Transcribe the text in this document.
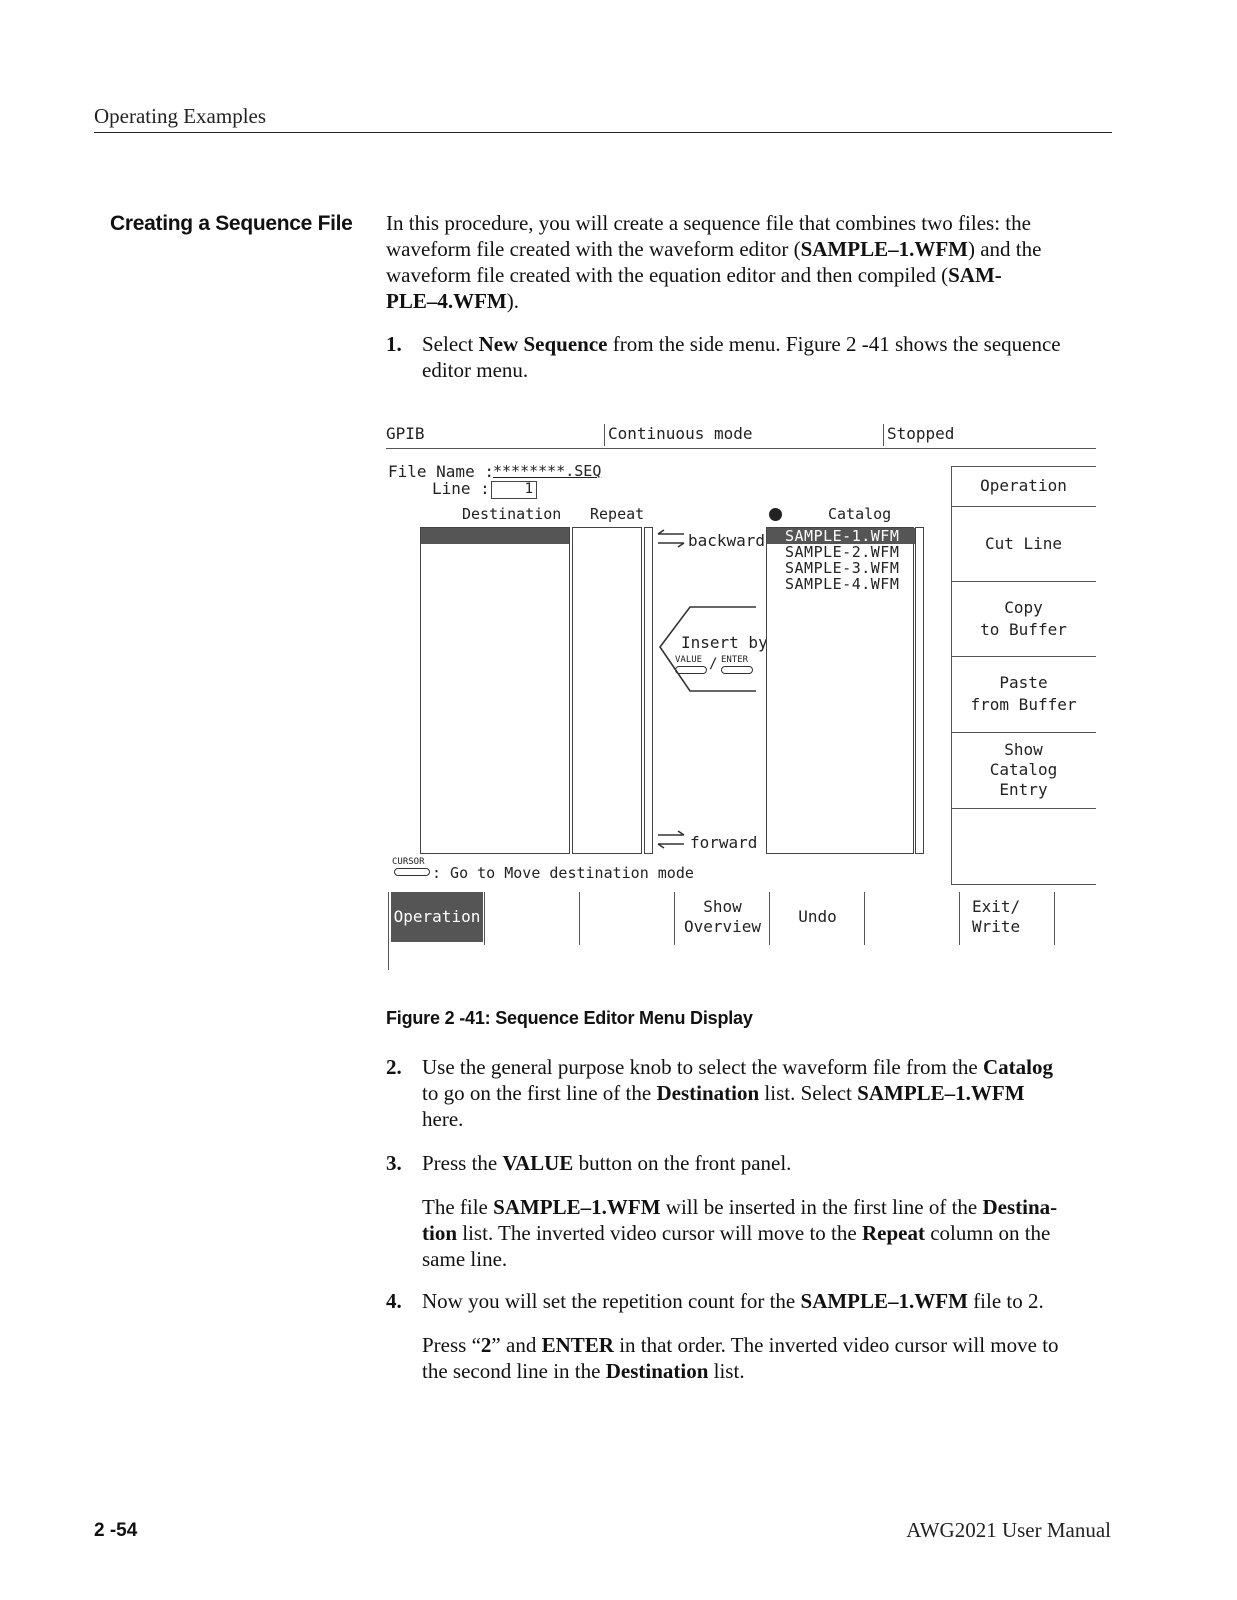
Operating Examples
Creating a Sequence File In this procedure, you will create a sequence file that combines two files: the
waveform file created with the waveform editor (SAMPLE–1.WFM) and the
waveform file created with the equation editor and then compiled (SAM-
PLE–4.WFM).
1. Select New Sequence from the side menu. Figure 2 -41 shows the sequence
editor menu.
GPIB	Continuous mode	Stopped
File Name : ********.SEQ
Line :	1
Destination Repeat	Catalog
backward
Insert by
VALUE / ENTER
forward
SAMPLE-1.WFM
SAMPLE-2.WFM
SAMPLE-3.WFM
SAMPLE-4.WFM
Operation
Cut Line
Copy
to Buffer
Paste
from Buffer
Show
Catalog
Entry
CURSOR
: Go to Move destination mode
Operation
Show
Overview
Undo
Exit/
Write
Figure 2 -41: Sequence Editor Menu Display
2. Use the general purpose knob to select the waveform file from the Catalog
to go on the first line of the Destination list. Select SAMPLE–1.WFM
here.
3. Press the VALUE button on the front panel.
The file SAMPLE–1.WFM will be inserted in the first line of the Destina-
tion list. The inverted video cursor will move to the Repeat column on the
same line.
4. Now you will set the repetition count for the SAMPLE–1.WFM file to 2.
Press “2” and ENTER in that order. The inverted video cursor will move to
the second line in the Destination list.
2 -54	AWG2021 User Manual
